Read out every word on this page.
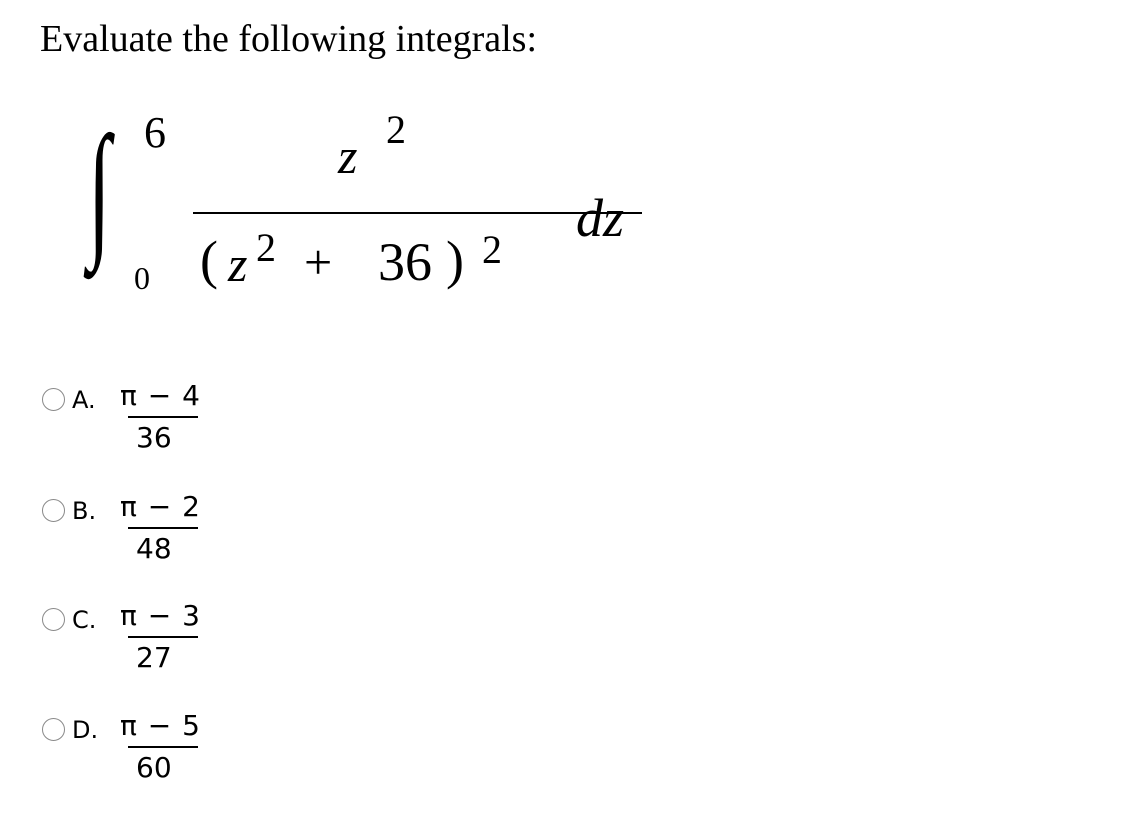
Evaluate the following integrals:
∫ 6
0
z 2
( z 2 + 36 ) 2
dz
A. π − 4
36
B. π − 2
48
C. π − 3
27
D. π − 5
60
